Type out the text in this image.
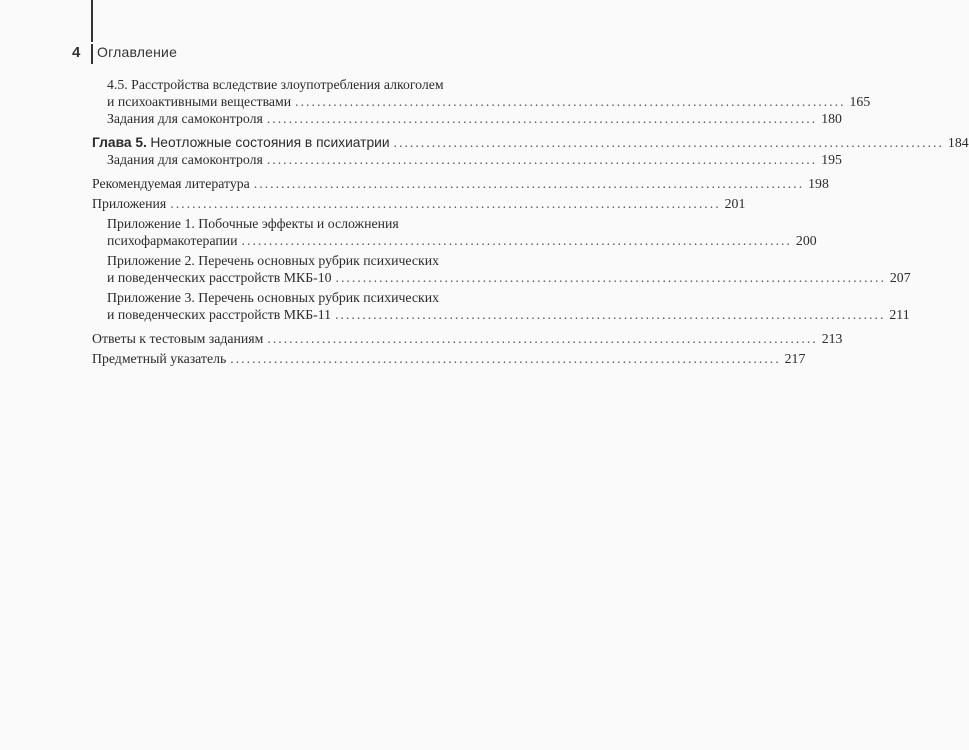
4	Оглавление
4.5. Расстройства вследствие злоупотребления алкоголем
и психоактивными веществами ..................................................................................................... 165
Задания для самоконтроля ..................................................................................................... 180
Глава 5. Неотложные состояния в психиатрии ..................................................................................................... 184
Задания для самоконтроля ..................................................................................................... 195
Рекомендуемая литература ..................................................................................................... 198
Приложения ..................................................................................................... 201
Приложение 1. Побочные эффекты и осложнения
психофармакотерапии ..................................................................................................... 200
Приложение 2. Перечень основных рубрик психических
и поведенческих расстройств МКБ-10 ..................................................................................................... 207
Приложение 3. Перечень основных рубрик психических
и поведенческих расстройств МКБ-11 ..................................................................................................... 211
Ответы к тестовым заданиям ..................................................................................................... 213
Предметный указатель ..................................................................................................... 217
